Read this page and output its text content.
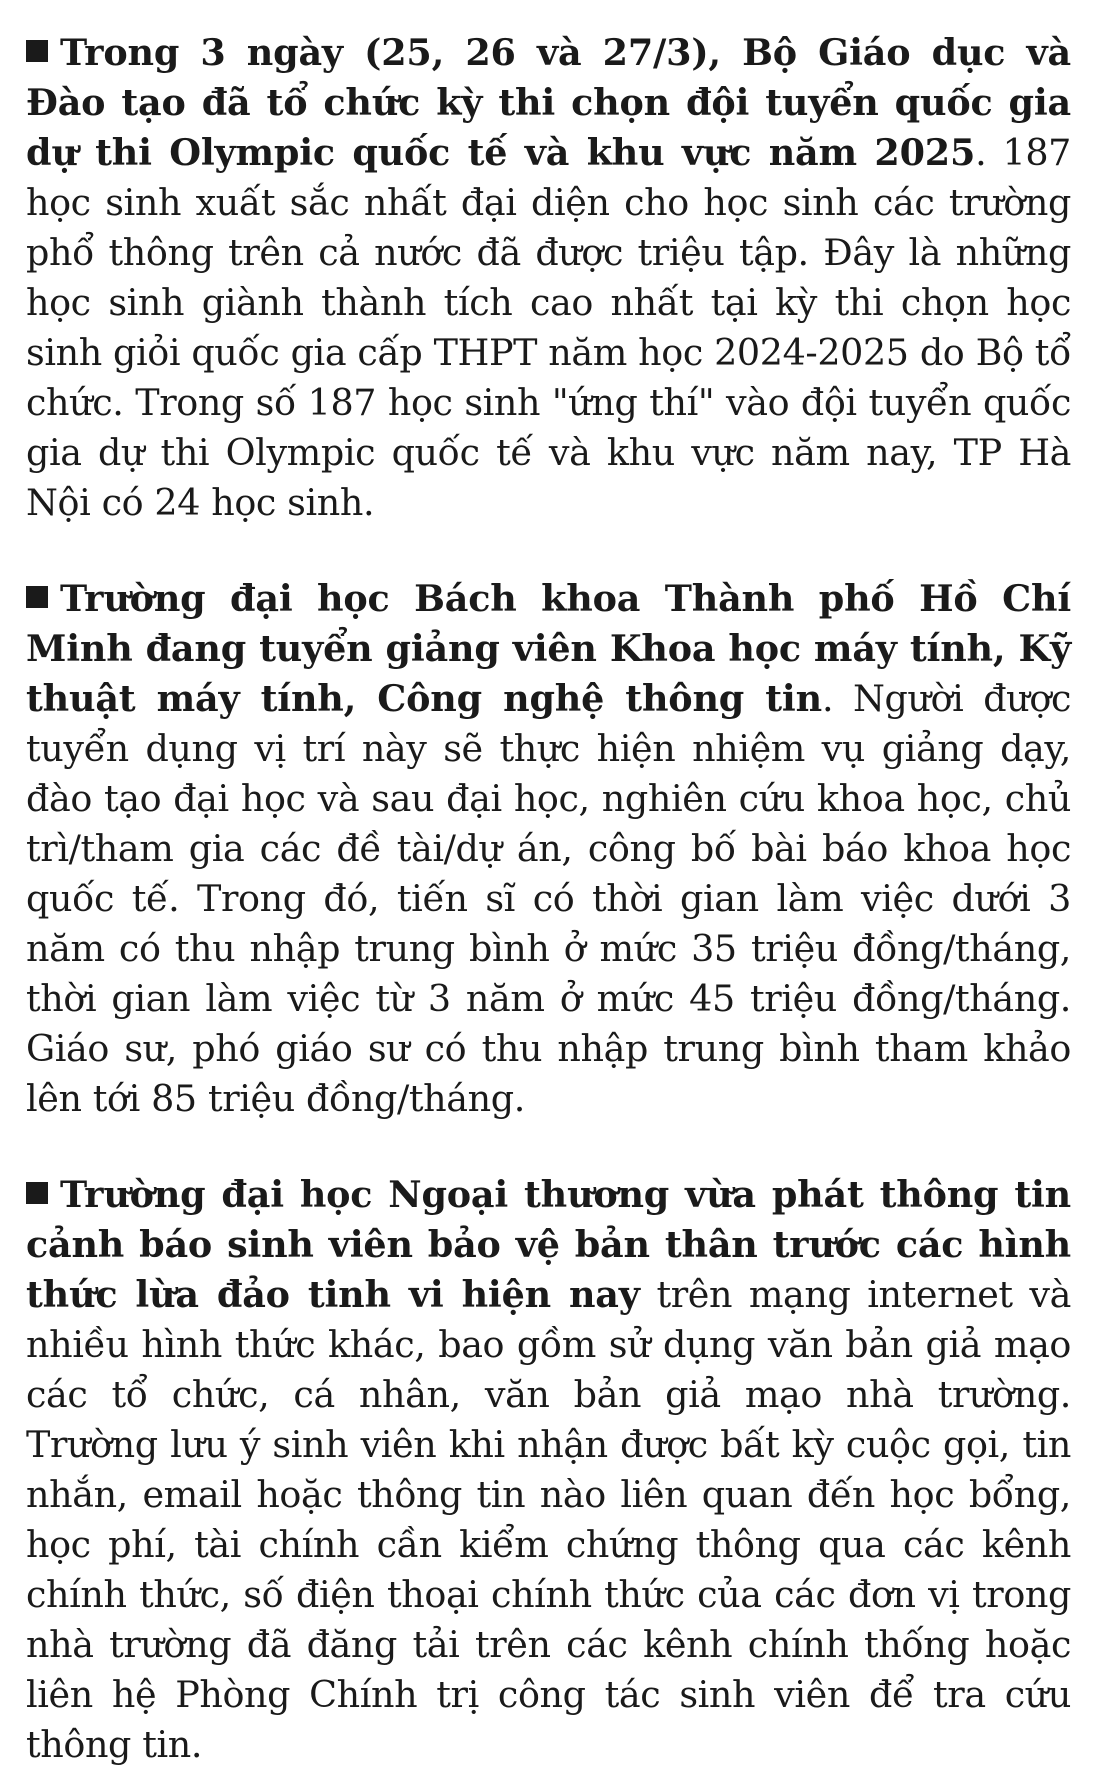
Trong 3 ngày (25, 26 và 27/3), Bộ Giáo dục và Đào tạo đã tổ chức kỳ thi chọn đội tuyển quốc gia dự thi Olympic quốc tế và khu vực năm 2025. 187 học sinh xuất sắc nhất đại diện cho học sinh các trường phổ thông trên cả nước đã được triệu tập. Đây là những học sinh giành thành tích cao nhất tại kỳ thi chọn học sinh giỏi quốc gia cấp THPT năm học 2024-2025 do Bộ tổ chức. Trong số 187 học sinh "ứng thí" vào đội tuyển quốc gia dự thi Olympic quốc tế và khu vực năm nay, TP Hà Nội có 24 học sinh.

Trường đại học Bách khoa Thành phố Hồ Chí Minh đang tuyển giảng viên Khoa học máy tính, Kỹ thuật máy tính, Công nghệ thông tin. Người được tuyển dụng vị trí này sẽ thực hiện nhiệm vụ giảng dạy, đào tạo đại học và sau đại học, nghiên cứu khoa học, chủ trì/tham gia các đề tài/dự án, công bố bài báo khoa học quốc tế. Trong đó, tiến sĩ có thời gian làm việc dưới 3 năm có thu nhập trung bình ở mức 35 triệu đồng/tháng, thời gian làm việc từ 3 năm ở mức 45 triệu đồng/tháng. Giáo sư, phó giáo sư có thu nhập trung bình tham khảo lên tới 85 triệu đồng/tháng.

Trường đại học Ngoại thương vừa phát thông tin cảnh báo sinh viên bảo vệ bản thân trước các hình thức lừa đảo tinh vi hiện nay trên mạng internet và nhiều hình thức khác, bao gồm sử dụng văn bản giả mạo các tổ chức, cá nhân, văn bản giả mạo nhà trường. Trường lưu ý sinh viên khi nhận được bất kỳ cuộc gọi, tin nhắn, email hoặc thông tin nào liên quan đến học bổng, học phí, tài chính cần kiểm chứng thông qua các kênh chính thức, số điện thoại chính thức của các đơn vị trong nhà trường đã đăng tải trên các kênh chính thống hoặc liên hệ Phòng Chính trị công tác sinh viên để tra cứu thông tin.
